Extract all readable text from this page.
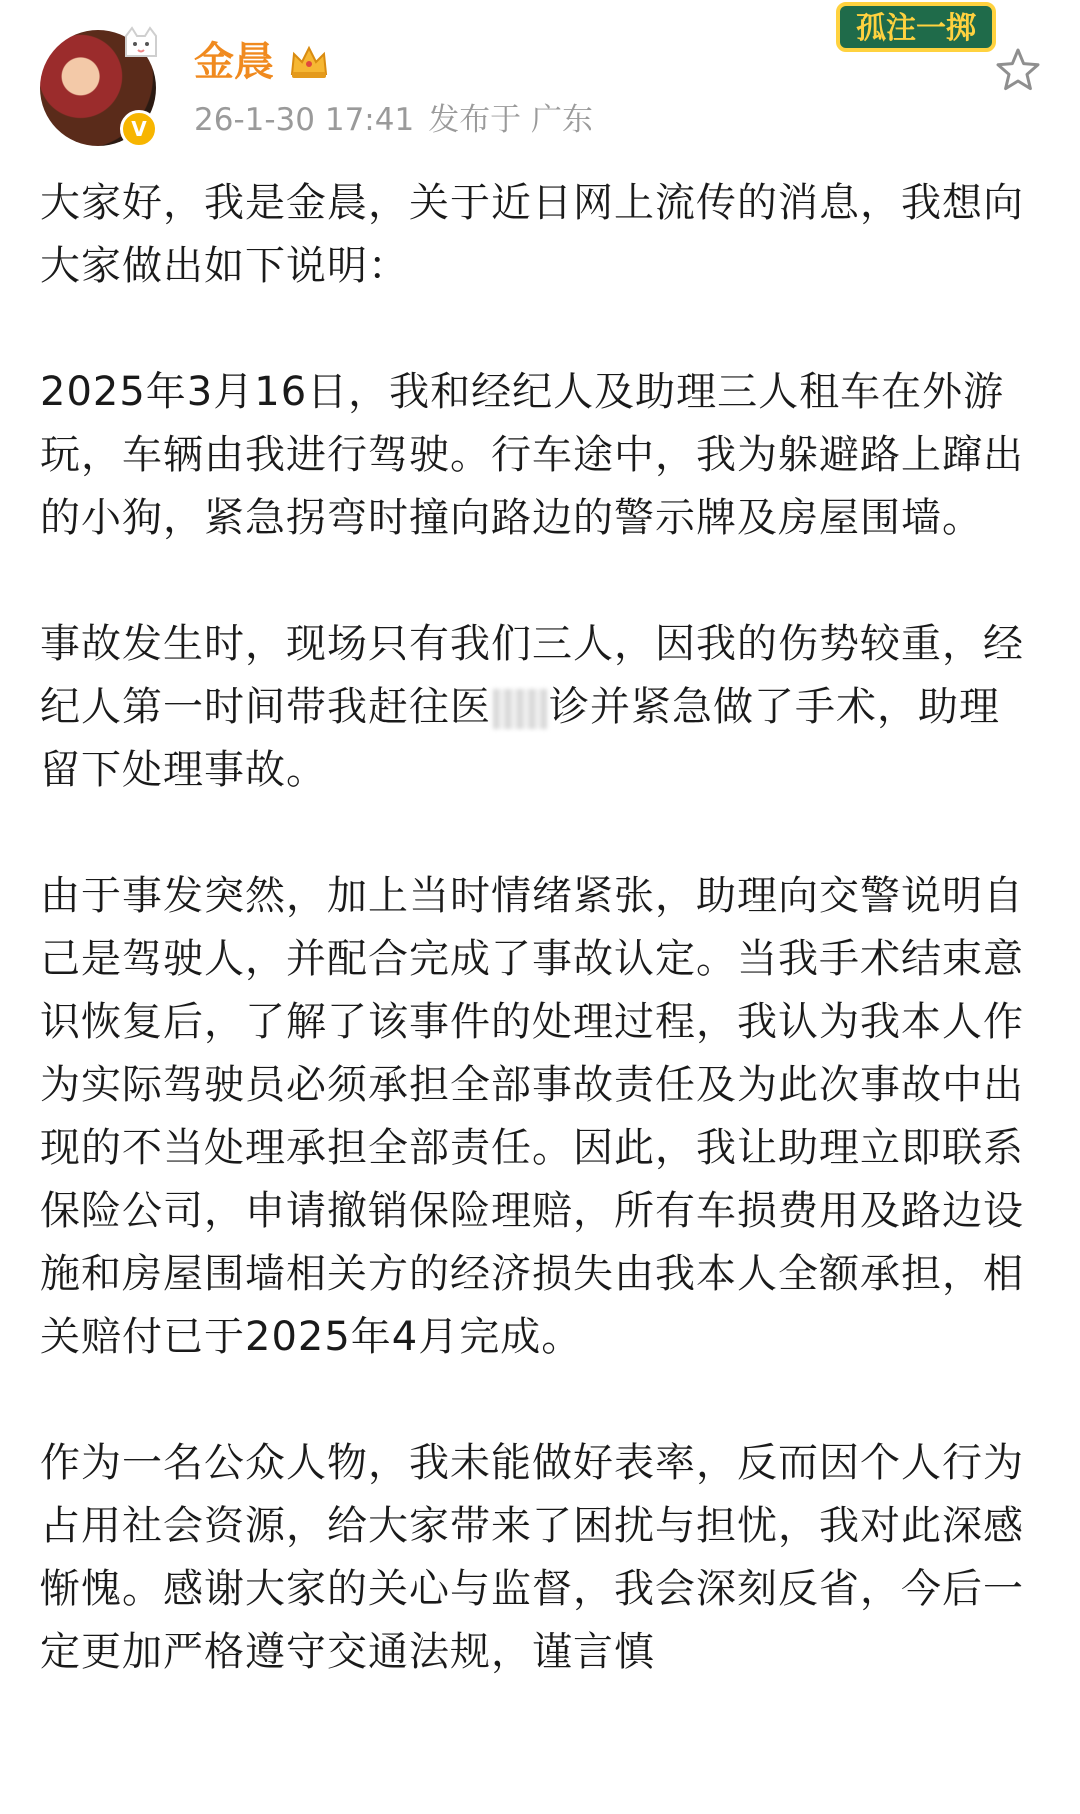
V
金晨
26-1-30 17:41 发布于 广东
孤注一掷

大家好，我是金晨，关于近日网上流传的消息，我想向大家做出如下说明：

2025年3月16日，我和经纪人及助理三人租车在外游玩，车辆由我进行驾驶。行车途中，我为躲避路上蹿出的小狗，紧急拐弯时撞向路边的警示牌及房屋围墙。

事故发生时，现场只有我们三人，因我的伤势较重，经纪人第一时间带我赶往医 诊并紧急做了手术，助理留下处理事故。

由于事发突然，加上当时情绪紧张，助理向交警说明自己是驾驶人，并配合完成了事故认定。当我手术结束意识恢复后，了解了该事件的处理过程，我认为我本人作为实际驾驶员必须承担全部事故责任及为此次事故中出现的不当处理承担全部责任。因此，我让助理立即联系保险公司，申请撤销保险理赔，所有车损费用及路边设施和房屋围墙相关方的经济损失由我本人全额承担，相关赔付已于2025年4月完成。

作为一名公众人物，我未能做好表率，反而因个人行为占用社会资源，给大家带来了困扰与担忧，我对此深感惭愧。感谢大家的关心与监督，我会深刻反省，今后一定更加严格遵守交通法规，谨言慎
